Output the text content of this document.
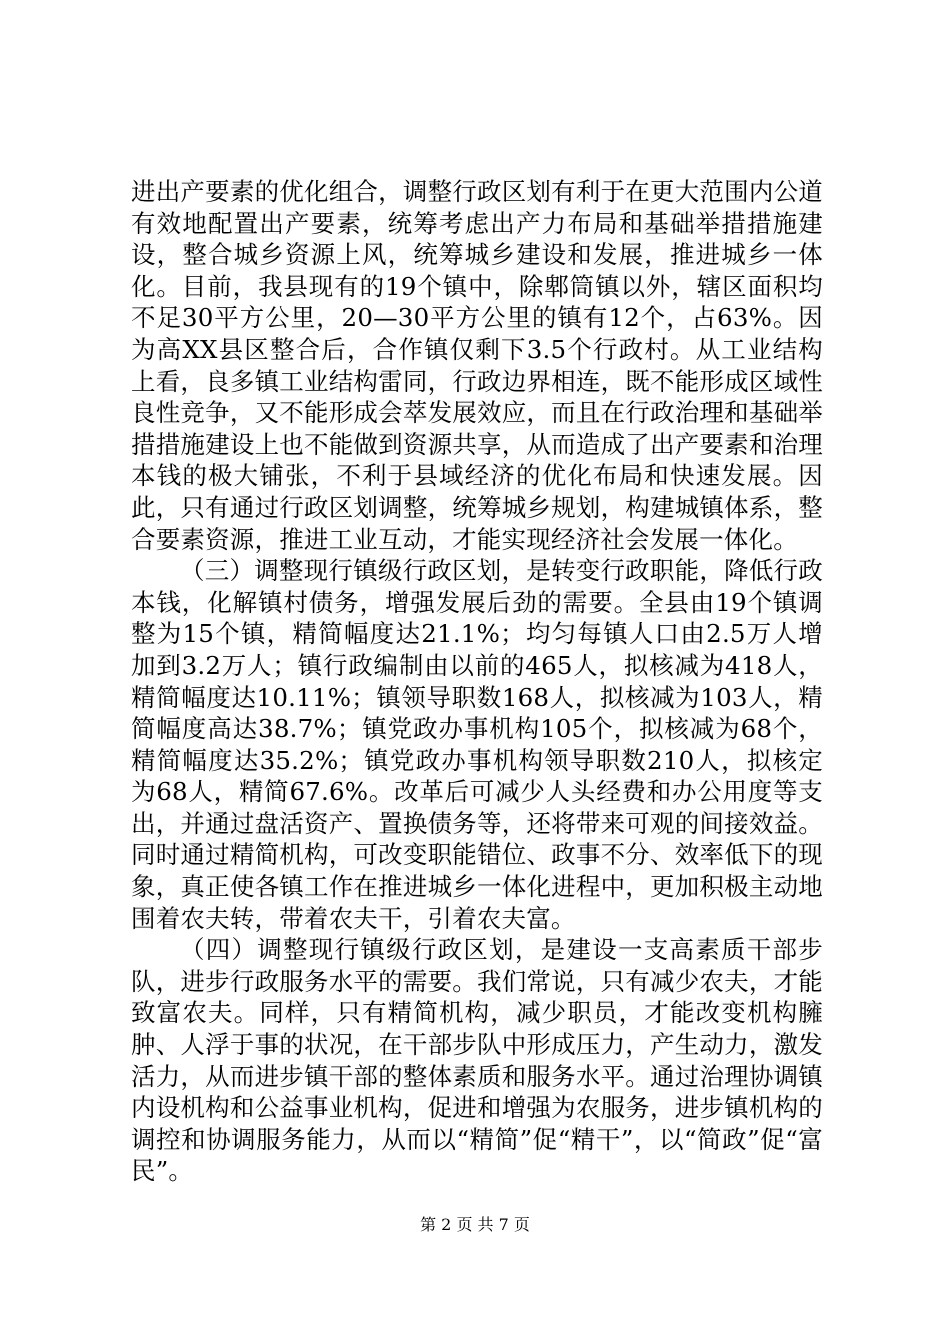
进出产要素的优化组合，调整行政区划有利于在更大范围内公道有效地配置出产要素，统筹考虑出产力布局和基础举措措施建设，整合城乡资源上风，统筹城乡建设和发展，推进城乡一体化。目前，我县现有的19个镇中，除郫筒镇以外，辖区面积均不足30平方公里，20—30平方公里的镇有12个，占63%。因为高XX县区整合后，合作镇仅剩下3.5个行政村。从工业结构上看，良多镇工业结构雷同，行政边界相连，既不能形成区域性良性竞争，又不能形成会萃发展效应，而且在行政治理和基础举措措施建设上也不能做到资源共享，从而造成了出产要素和治理本钱的极大铺张，不利于县域经济的优化布局和快速发展。因此，只有通过行政区划调整，统筹城乡规划，构建城镇体系，整合要素资源，推进工业互动，才能实现经济社会发展一体化。

（三）调整现行镇级行政区划，是转变行政职能，降低行政本钱，化解镇村债务，增强发展后劲的需要。全县由19个镇调整为15个镇，精简幅度达21.1%；均匀每镇人口由2.5万人增加到3.2万人；镇行政编制由以前的465人，拟核减为418人，精简幅度达10.11%；镇领导职数168人，拟核减为103人，精简幅度高达38.7%；镇党政办事机构105个，拟核减为68个，精简幅度达35.2%；镇党政办事机构领导职数210人，拟核定为68人，精简67.6%。改革后可减少人头经费和办公用度等支出，并通过盘活资产、置换债务等，还将带来可观的间接效益。同时通过精简机构，可改变职能错位、政事不分、效率低下的现象，真正使各镇工作在推进城乡一体化进程中，更加积极主动地围着农夫转，带着农夫干，引着农夫富。

（四）调整现行镇级行政区划，是建设一支高素质干部步队，进步行政服务水平的需要。我们常说，只有减少农夫，才能致富农夫。同样，只有精简机构，减少职员，才能改变机构臃肿、人浮于事的状况，在干部步队中形成压力，产生动力，激发活力，从而进步镇干部的整体素质和服务水平。通过治理协调镇内设机构和公益事业机构，促进和增强为农服务，进步镇机构的调控和协调服务能力，从而以“精简”促“精干”，以“简政”促“富民”。

第 2 页 共 7 页
